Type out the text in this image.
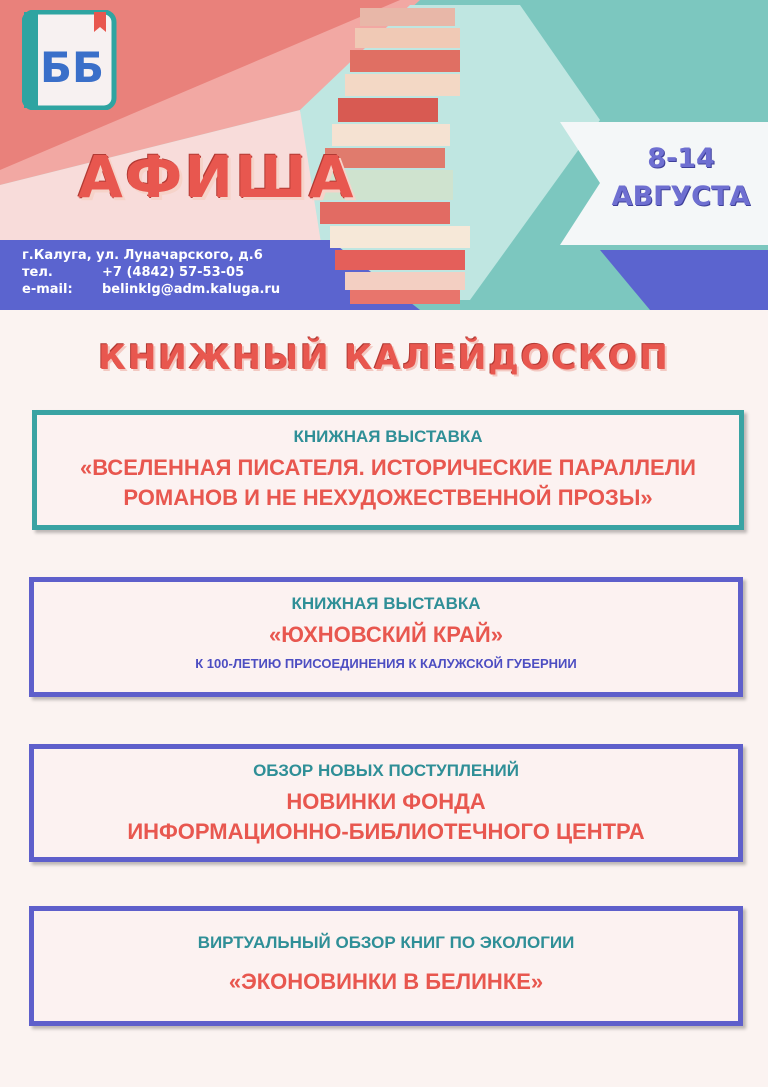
ББ
АФИША
г.Калуга, ул. Луначарского, д.6
тел.	+7 (4842) 57-53-05
e-mail:	belinklg@adm.kaluga.ru
8-14
АВГУСТА
КНИЖНЫЙ КАЛЕЙДОСКОП
КНИЖНАЯ ВЫСТАВКА
«ВСЕЛЕННАЯ ПИСАТЕЛЯ. ИСТОРИЧЕСКИЕ ПАРАЛЛЕЛИ
РОМАНОВ И НЕ НЕХУДОЖЕСТВЕННОЙ ПРОЗЫ»
КНИЖНАЯ ВЫСТАВКА
«ЮХНОВСКИЙ КРАЙ»
К 100-ЛЕТИЮ ПРИСОЕДИНЕНИЯ К КАЛУЖСКОЙ ГУБЕРНИИ
ОБЗОР НОВЫХ ПОСТУПЛЕНИЙ
НОВИНКИ ФОНДА
ИНФОРМАЦИОННО-БИБЛИОТЕЧНОГО ЦЕНТРА
ВИРТУАЛЬНЫЙ ОБЗОР КНИГ ПО ЭКОЛОГИИ
«ЭКОНОВИНКИ В БЕЛИНКЕ»
